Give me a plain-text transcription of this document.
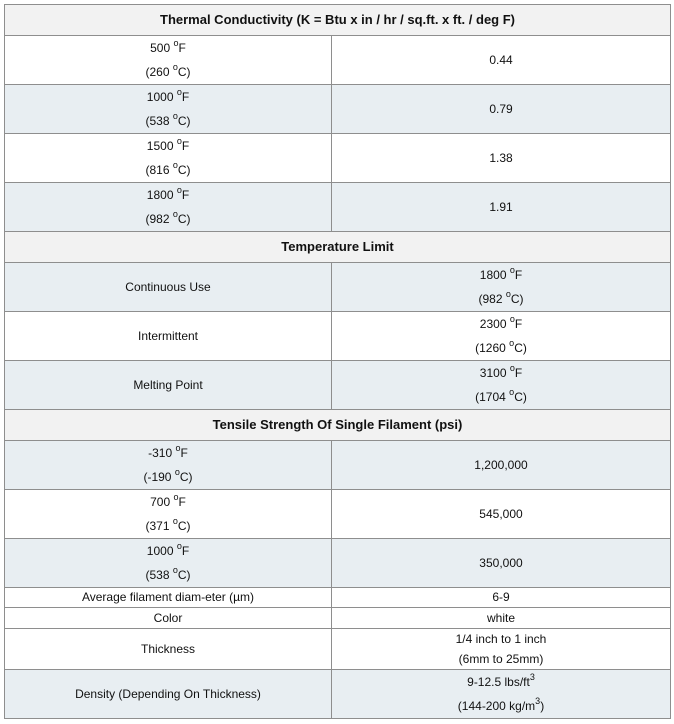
Thermal Conductivity (K = Btu x in / hr / sq.ft. x ft. / deg F)	

500 $^o$F
(260 $^o$C)	0.44

1000 $^o$F
(538 $^o$C)	0.79

1500 $^o$F
(816 $^o$C)	1.38

1800 $^o$F
(982 $^o$C)	1.91
Temperature Limit	
Continuous Use	1800 $^o$F
(982 $^o$C)

Intermittent	2300 $^o$F
(1260 $^o$C)

Melting Point	3100 $^o$F
(1704 $^o$C)

Tensile Strength Of Single Filament (psi)	

-310 $^o$F
(-190 $^o$C)	1,200,000

700 $^o$F
(371 $^o$C)	545,000

1000 $^o$F
(538 $^o$C)	350,000
Average filament diam-eter (µm)	6-9
Color	white
Thickness	1/4 inch to 1 inch
(6mm to 25mm)

Density (Depending On Thickness)	9-12.5 lbs/$ft^3$
(144-200 $kg/m^3$)
